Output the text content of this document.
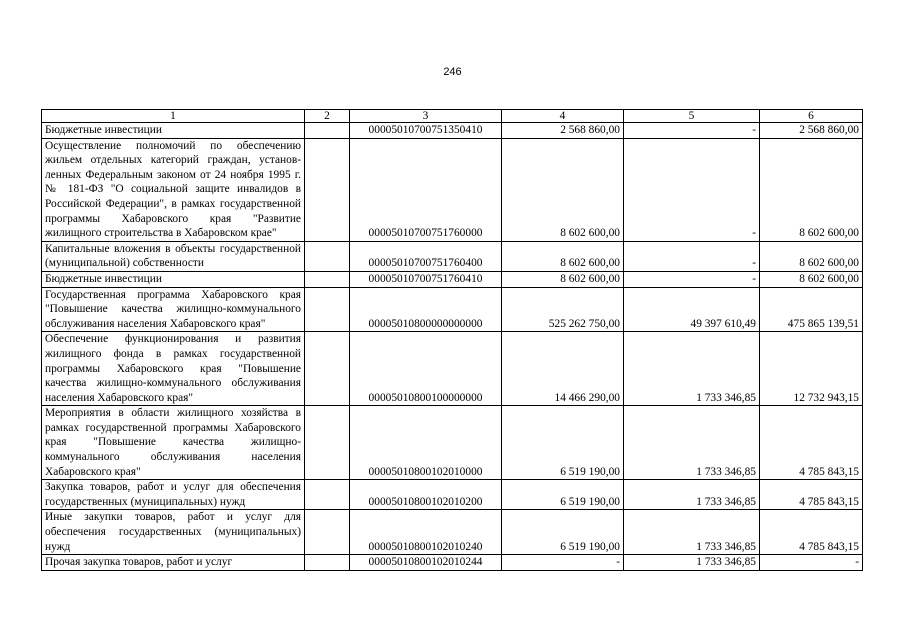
246
1	2	3	4	5	6
Бюджетные инвестиции		00005010700751350410	2 568 860,00	-	2 568 860,00
Осуществление полномочий по обеспечению жильем отдельных категорий граждан, установленных Федеральным законом от 24 ноября 1995 г. № 181-ФЗ "О социальной защите инвалидов в Российской Федерации", в рамках государственной программы Хабаровского края "Развитие жилищного строительства в Хабаровском крае"		00005010700751760000	8 602 600,00	-	8 602 600,00
Капитальные вложения в объекты государственной (муниципальной) собственности		00005010700751760400	8 602 600,00	-	8 602 600,00
Бюджетные инвестиции		00005010700751760410	8 602 600,00	-	8 602 600,00
Государственная программа Хабаровского края "Повышение качества жилищно-коммунального обслуживания населения Хабаровского края"		00005010800000000000	525 262 750,00	49 397 610,49	475 865 139,51
Обеспечение функционирования и развития жилищного фонда в рамках государственной программы Хабаровского края "Повышение качества жилищно-коммунального обслуживания населения Хабаровского края"		00005010800100000000	14 466 290,00	1 733 346,85	12 732 943,15
Мероприятия в области жилищного хозяйства в рамках государственной программы Хабаровского края "Повышение качества жилищно-коммунального обслуживания населения Хабаровского края"		00005010800102010000	6 519 190,00	1 733 346,85	4 785 843,15
Закупка товаров, работ и услуг для обеспечения государственных (муниципальных) нужд		00005010800102010200	6 519 190,00	1 733 346,85	4 785 843,15
Иные закупки товаров, работ и услуг для обеспечения государственных (муниципальных) нужд		00005010800102010240	6 519 190,00	1 733 346,85	4 785 843,15
Прочая закупка товаров, работ и услуг		00005010800102010244	-	1 733 346,85	-
